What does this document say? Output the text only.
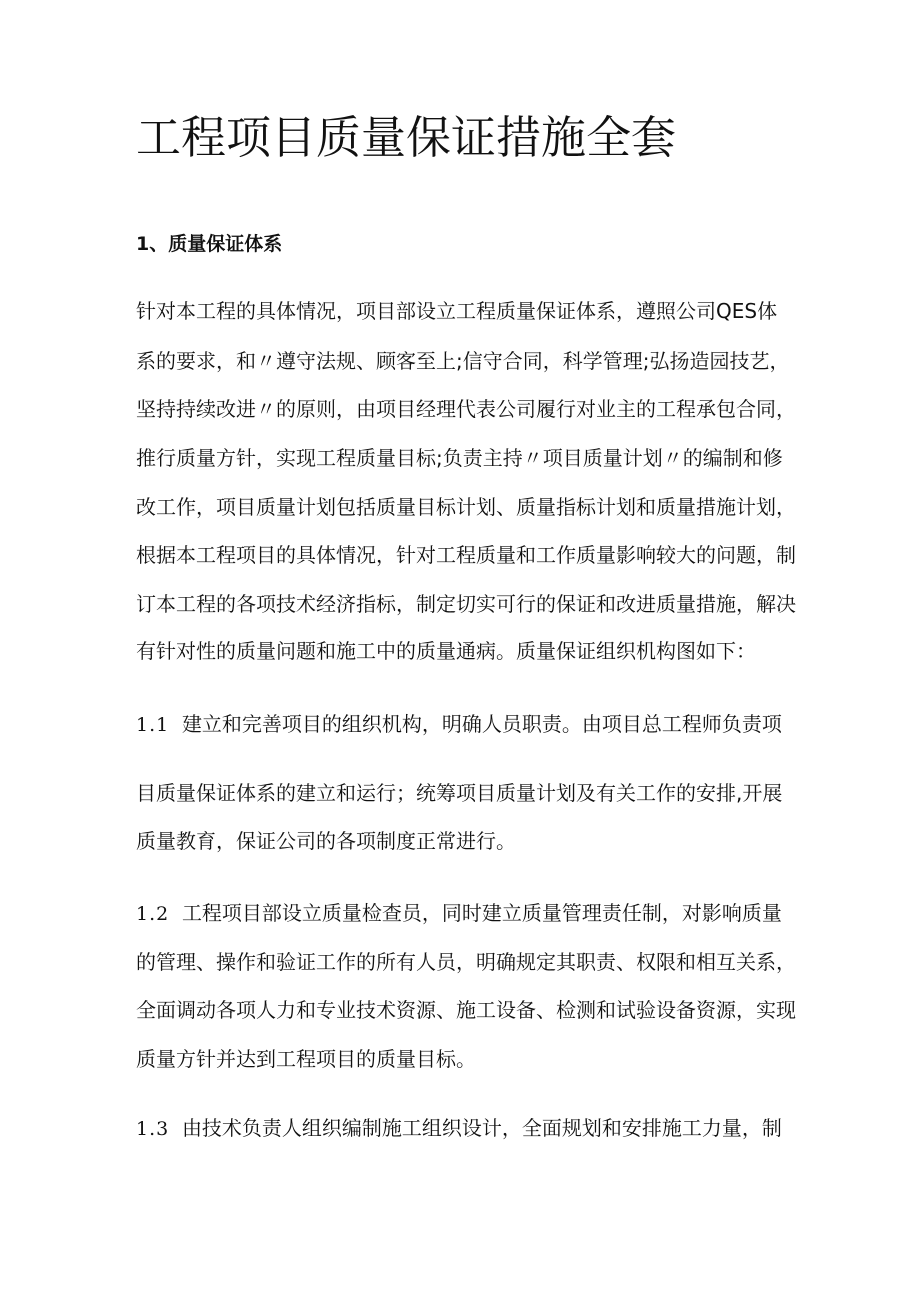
工程项目质量保证措施全套
1、质量保证体系

针对本工程的具体情况，项目部设立工程质量保证体系，遵照公司QES体

系的要求，和〃遵守法规、顾客至上;信守合同，科学管理;弘扬造园技艺，

坚持持续改进〃的原则，由项目经理代表公司履行对业主的工程承包合同，

推行质量方针，实现工程质量目标;负责主持〃项目质量计划〃的编制和修

改工作，项目质量计划包括质量目标计划、质量指标计划和质量措施计划，

根据本工程项目的具体情况，针对工程质量和工作质量影响较大的问题，制

订本工程的各项技术经济指标，制定切实可行的保证和改进质量措施，解决

有针对性的质量问题和施工中的质量通病。质量保证组织机构图如下：

1.1 建立和完善项目的组织机构，明确人员职责。由项目总工程师负责项

目质量保证体系的建立和运行；统筹项目质量计划及有关工作的安排,开展

质量教育，保证公司的各项制度正常进行。

1.2 工程项目部设立质量检查员，同时建立质量管理责任制，对影响质量

的管理、操作和验证工作的所有人员，明确规定其职责、权限和相互关系，

全面调动各项人力和专业技术资源、施工设备、检测和试验设备资源，实现

质量方针并达到工程项目的质量目标。

1.3 由技术负责人组织编制施工组织设计，全面规划和安排施工力量，制
